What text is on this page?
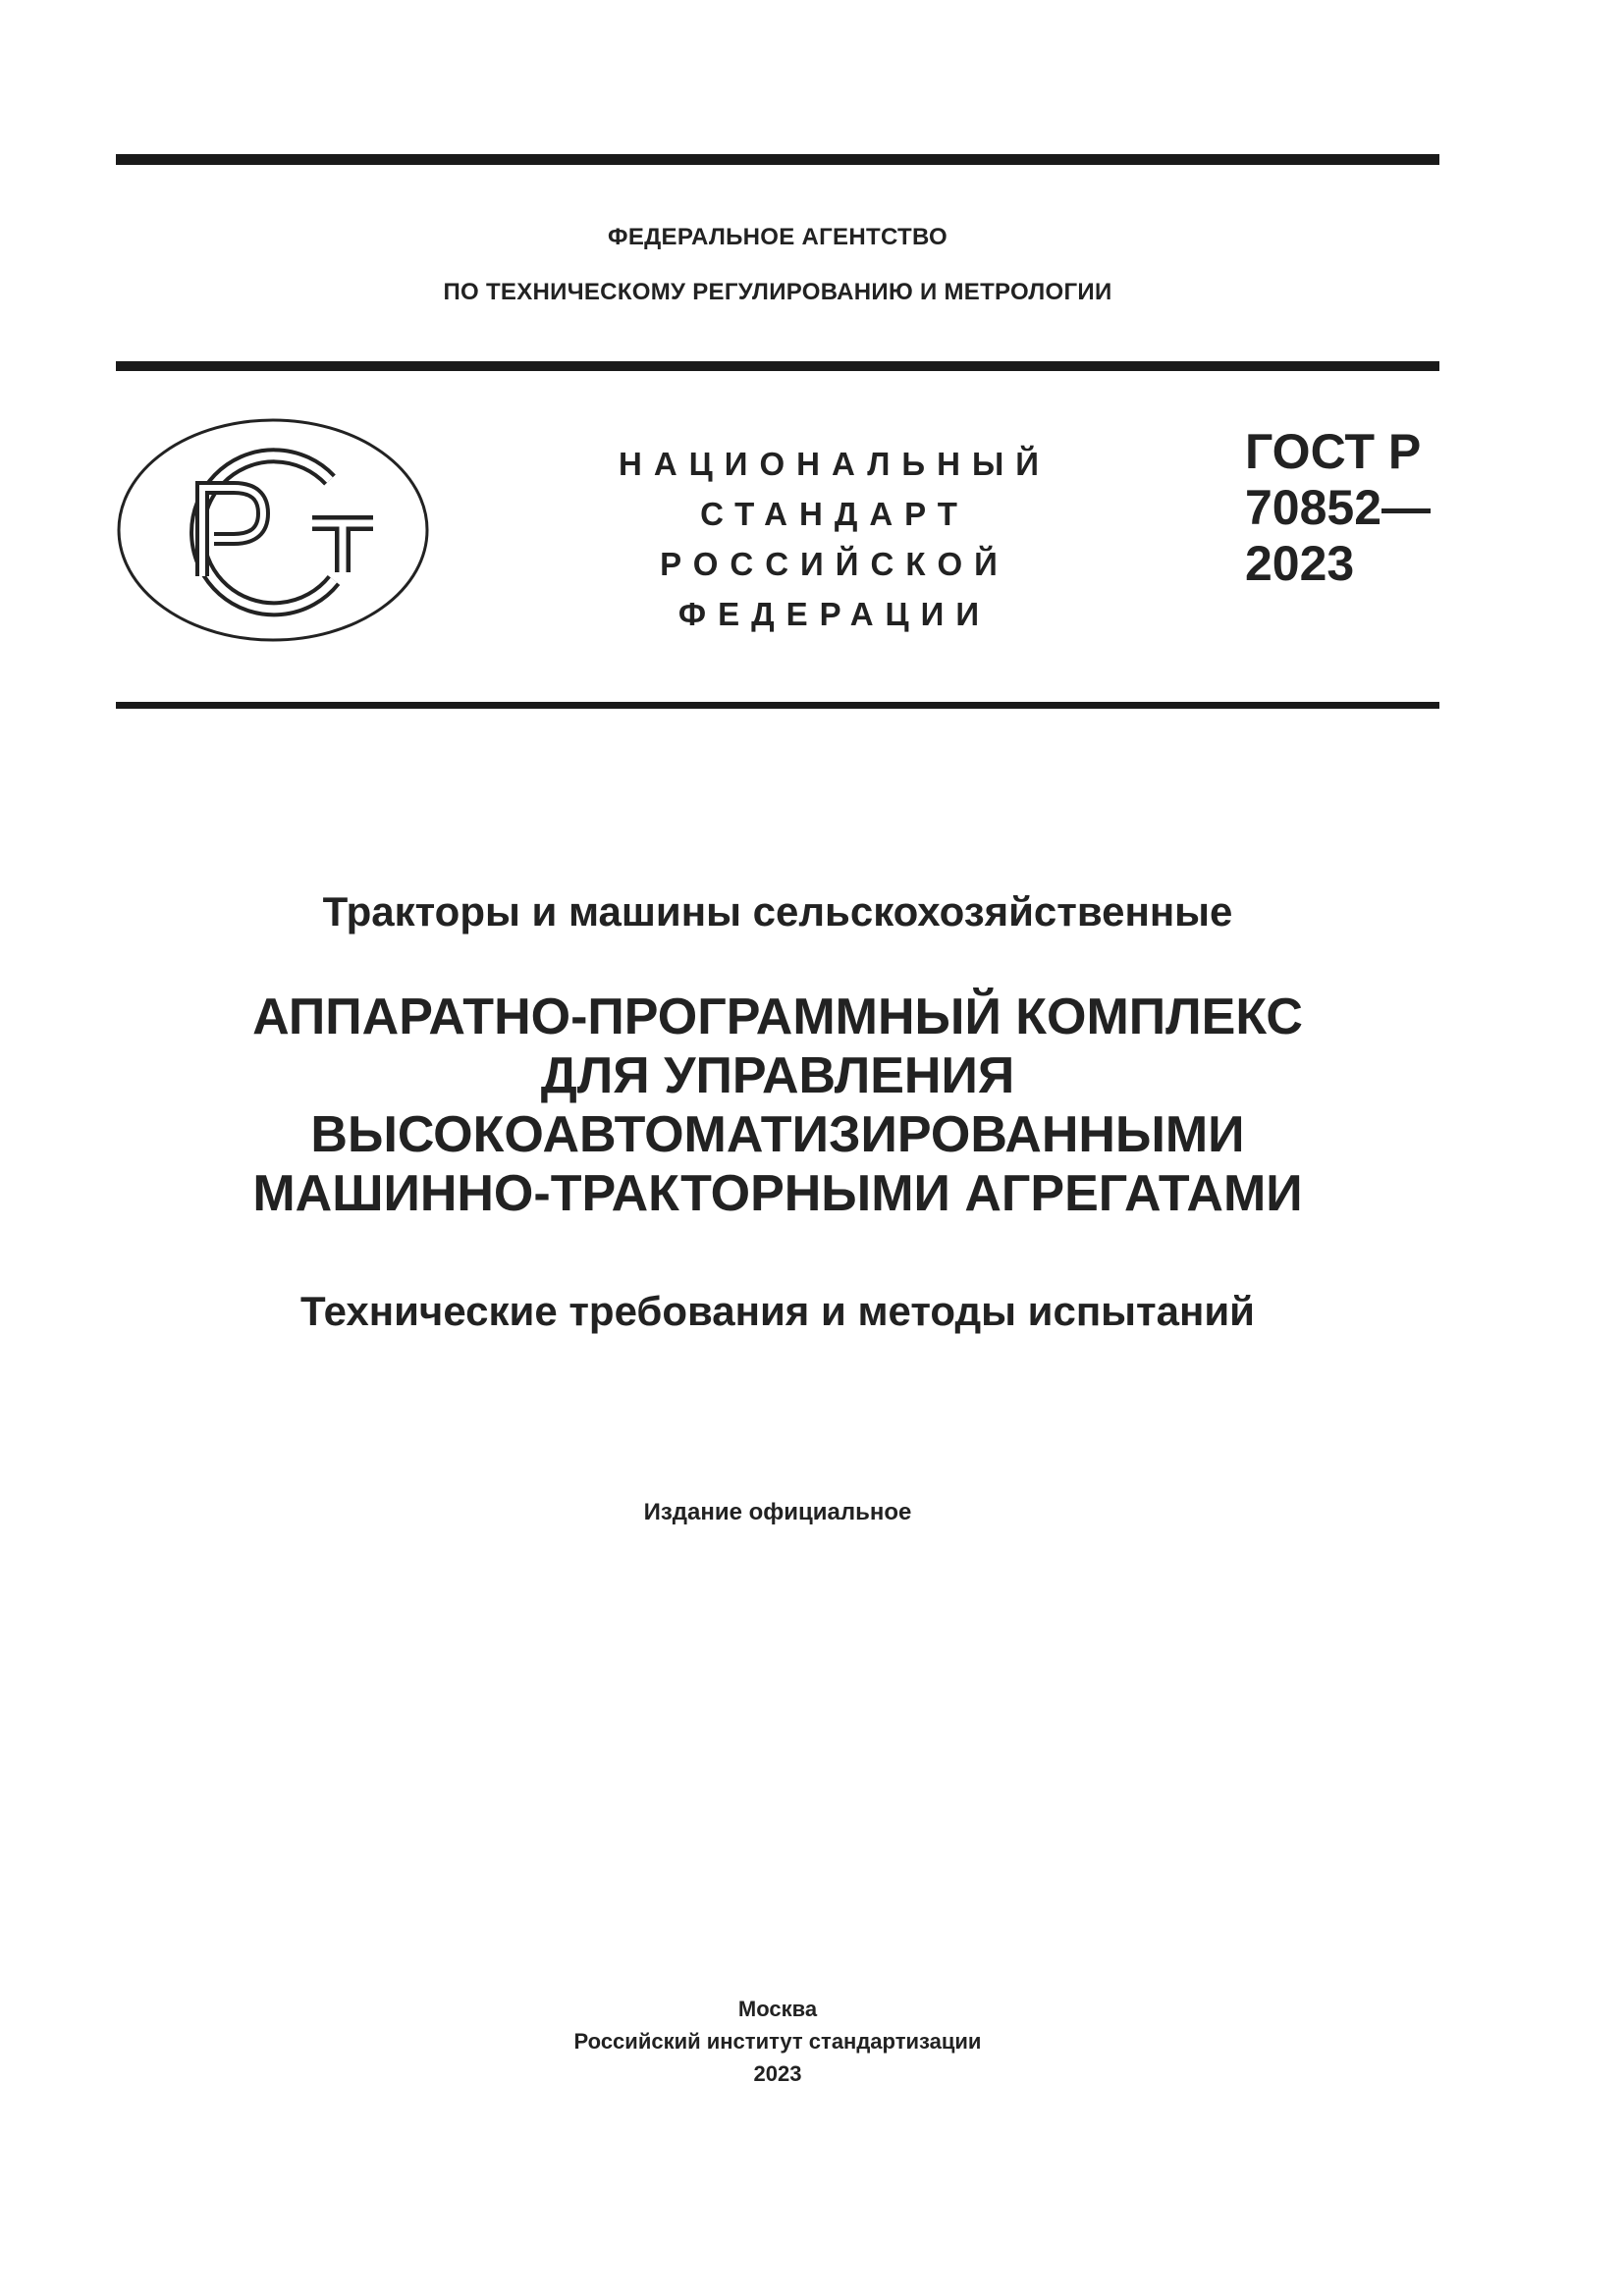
ФЕДЕРАЛЬНОЕ АГЕНТСТВО
ПО ТЕХНИЧЕСКОМУ РЕГУЛИРОВАНИЮ И МЕТРОЛОГИИ
НАЦИОНАЛЬНЫЙ
СТАНДАРТ
РОССИЙСКОЙ
ФЕДЕРАЦИИ
ГОСТ Р
70852—
2023
Тракторы и машины сельскохозяйственные
АППАРАТНО-ПРОГРАММНЫЙ КОМПЛЕКС
ДЛЯ УПРАВЛЕНИЯ
ВЫСОКОАВТОМАТИЗИРОВАННЫМИ
МАШИННО-ТРАКТОРНЫМИ АГРЕГАТАМИ
Технические требования и методы испытаний
Издание официальное
Москва
Российский институт стандартизации
2023
